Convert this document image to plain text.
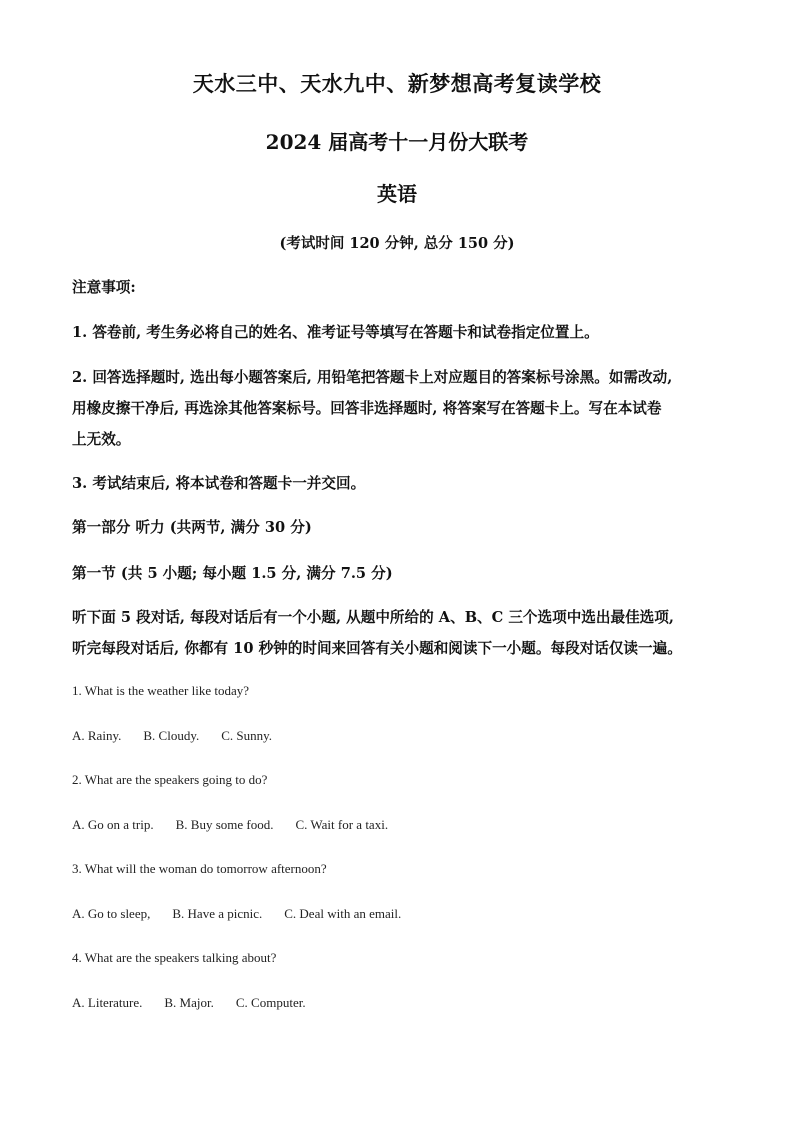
天水三中、天水九中、新梦想高考复读学校
2024 届高考十一月份大联考
英语
(考试时间 120 分钟, 总分 150 分)
注意事项:
1. 答卷前, 考生务必将自己的姓名、准考证号等填写在答题卡和试卷指定位置上。
2. 回答选择题时, 选出每小题答案后, 用铅笔把答题卡上对应题目的答案标号涂黑。如需改动,
用橡皮擦干净后, 再选涂其他答案标号。回答非选择题时, 将答案写在答题卡上。写在本试卷
上无效。
3. 考试结束后, 将本试卷和答题卡一并交回。
第一部分 听力 (共两节, 满分 30 分)
第一节 (共 5 小题; 每小题 1.5 分, 满分 7.5 分)
听下面 5 段对话, 每段对话后有一个小题, 从题中所给的 A、B、C 三个选项中选出最佳选项,
听完每段对话后, 你都有 10 秒钟的时间来回答有关小题和阅读下一小题。每段对话仅读一遍。
1. What is the weather like today?
A. Rainy. B. Cloudy. C. Sunny.
2. What are the speakers going to do?
A. Go on a trip. B. Buy some food. C. Wait for a taxi.
3. What will the woman do tomorrow afternoon?
A. Go to sleep, B. Have a picnic. C. Deal with an email.
4. What are the speakers talking about?
A. Literature. B. Major. C. Computer.
